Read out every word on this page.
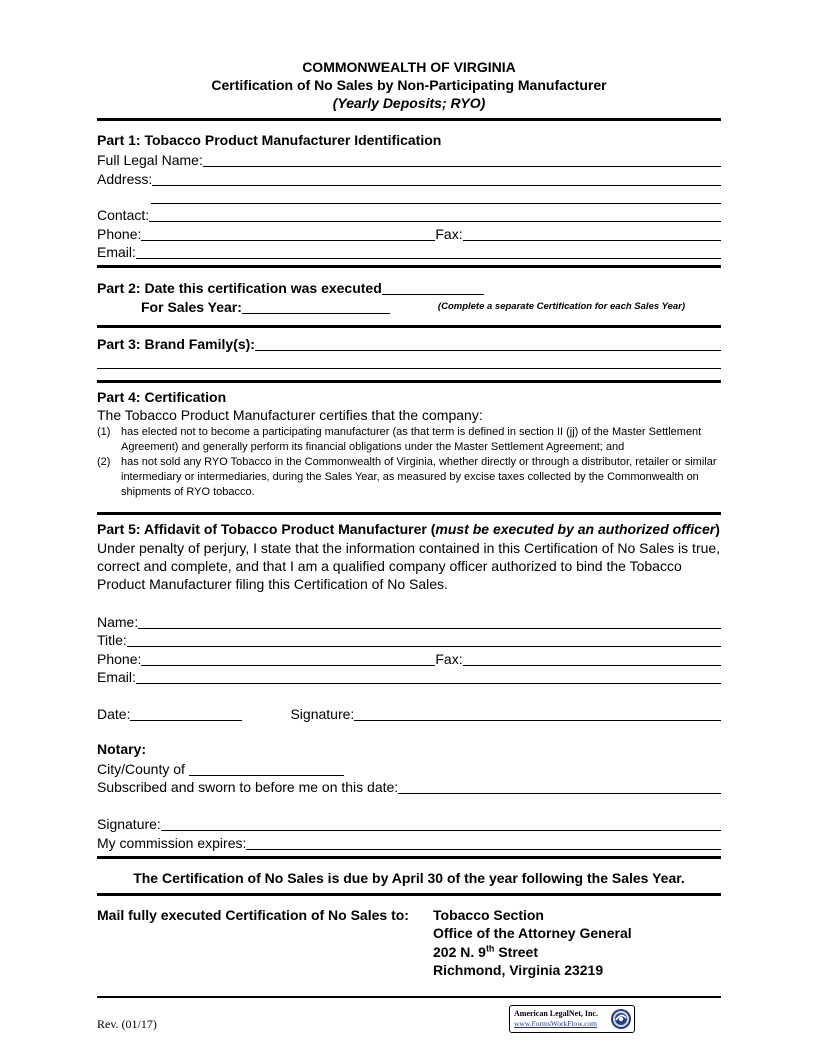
COMMONWEALTH OF VIRGINIA
Certification of No Sales by Non-Participating Manufacturer
(Yearly Deposits; RYO)
Part 1: Tobacco Product Manufacturer Identification
Full Legal Name:
Address:
Contact:
Phone:	Fax:
Email:
Part 2: Date this certification was executed
For Sales Year:	(Complete a separate Certification for each Sales Year)
Part 3: Brand Family(s):
Part 4: Certification
The Tobacco Product Manufacturer certifies that the company:
(1) has elected not to become a participating manufacturer (as that term is defined in section II (jj) of the Master Settlement Agreement) and generally perform its financial obligations under the Master Settlement Agreement; and
(2) has not sold any RYO Tobacco in the Commonwealth of Virginia, whether directly or through a distributor, retailer or similar intermediary or intermediaries, during the Sales Year, as measured by excise taxes collected by the Commonwealth on shipments of RYO tobacco.
Part 5: Affidavit of Tobacco Product Manufacturer (must be executed by an authorized officer)
Under penalty of perjury, I state that the information contained in this Certification of No Sales is true, correct and complete, and that I am a qualified company officer authorized to bind the Tobacco Product Manufacturer filing this Certification of No Sales.
Name:
Title:
Phone:	Fax:
Email:
Date:	Signature:
Notary:
City/County of
Subscribed and sworn to before me on this date:
Signature:
My commission expires:
The Certification of No Sales is due by April 30 of the year following the Sales Year.
Mail fully executed Certification of No Sales to: Tobacco Section
Office of the Attorney General
202 N. 9th Street
Richmond, Virginia 23219
Rev. (01/17)
American LegalNet, Inc.
www.FormsWorkFlow.com
